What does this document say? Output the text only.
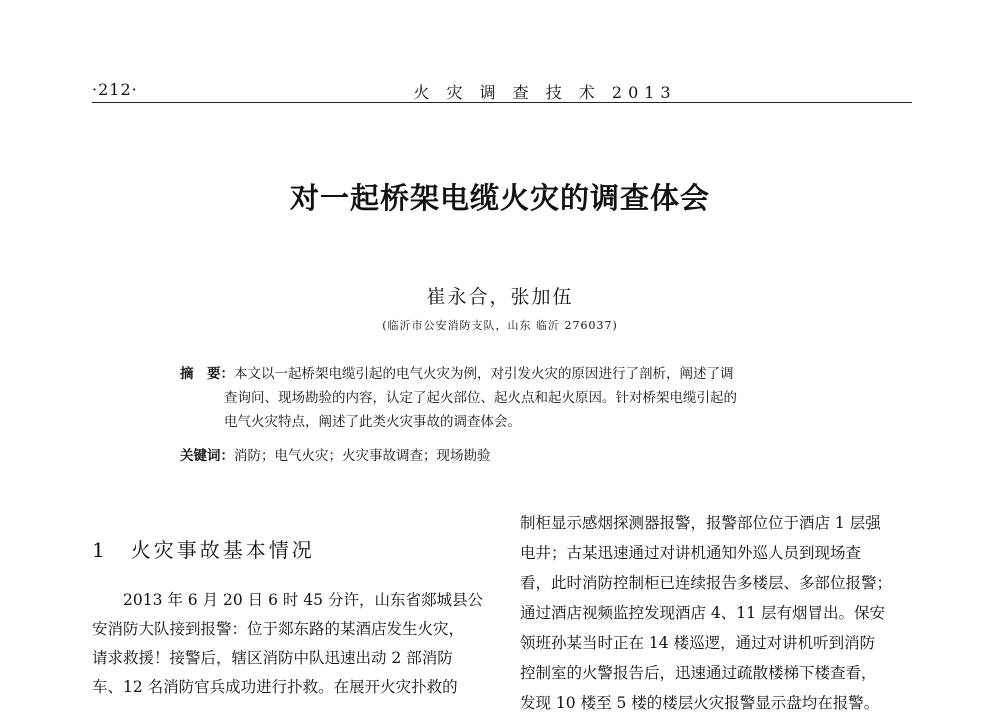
·212·	火 灾 调 查 技 术 2013
对一起桥架电缆火灾的调查体会
崔永合，张加伍
(临沂市公安消防支队，山东 临沂 276037)
摘　要：本文以一起桥架电缆引起的电气火灾为例，对引发火灾的原因进行了剖析，阐述了调
查询问、现场勘验的内容，认定了起火部位、起火点和起火原因。针对桥架电缆引起的
电气火灾特点，阐述了此类火灾事故的调查体会。
关键词：消防；电气火灾；火灾事故调查；现场勘验
1　火灾事故基本情况
2013 年 6 月 20 日 6 时 45 分许，山东省郯城县公
安消防大队接到报警：位于郯东路的某酒店发生火灾，
请求救援！接警后，辖区消防中队迅速出动 2 部消防
车、12 名消防官兵成功进行扑救。在展开火灾扑救的
制柜显示感烟探测器报警，报警部位位于酒店 1 层强
电井；古某迅速通过对讲机通知外巡人员到现场查
看，此时消防控制柜已连续报告多楼层、多部位报警；
通过酒店视频监控发现酒店 4、11 层有烟冒出。保安
领班孙某当时正在 14 楼巡逻，通过对讲机听到消防
控制室的火警报告后，迅速通过疏散楼梯下楼查看，
发现 10 楼至 5 楼的楼层火灾报警显示盘均在报警。
